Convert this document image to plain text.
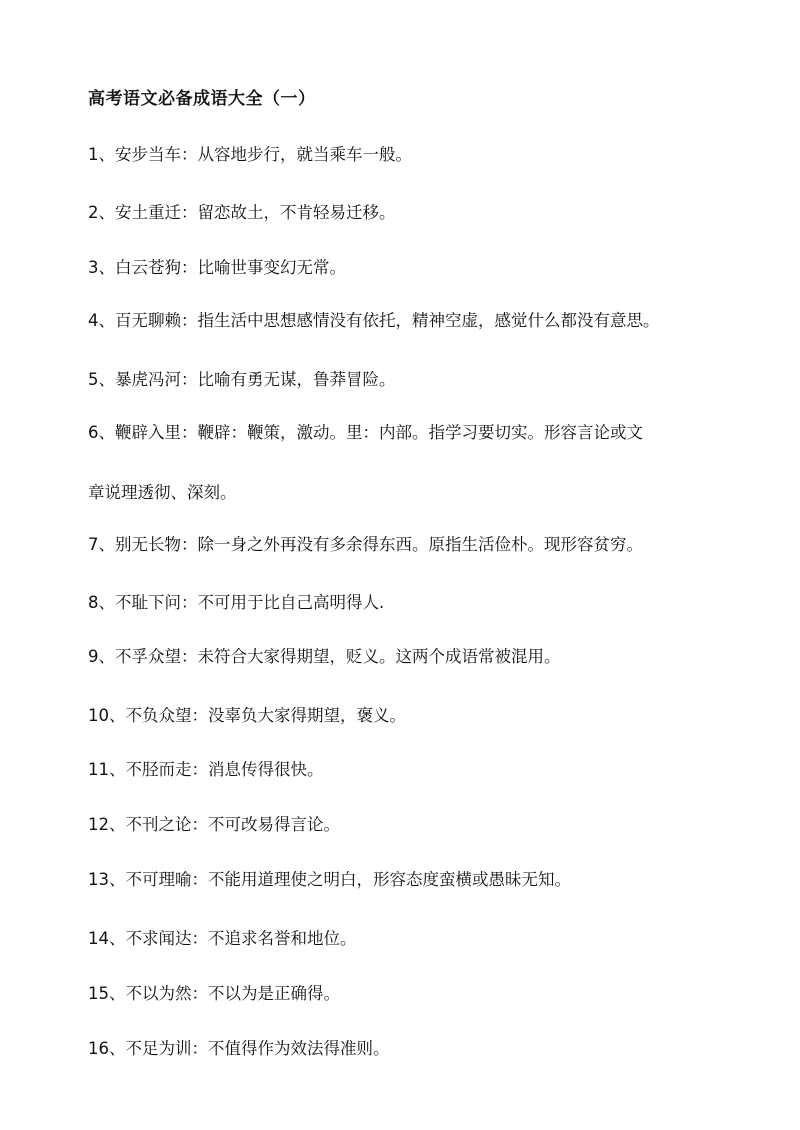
高考语文必备成语大全（一）
1、安步当车：从容地步行，就当乘车一般。
2、安土重迁：留恋故土，不肯轻易迁移。
3、白云苍狗：比喻世事变幻无常。
4、百无聊赖：指生活中思想感情没有依托，精神空虚，感觉什么都没有意思。
5、暴虎冯河：比喻有勇无谋，鲁莽冒险。
6、鞭辟入里：鞭辟：鞭策，激动。里：内部。指学习要切实。形容言论或文
章说理透彻、深刻。
7、别无长物：除一身之外再没有多余得东西。原指生活俭朴。现形容贫穷。
8、不耻下问：不可用于比自己高明得人.
9、不孚众望：未符合大家得期望，贬义。这两个成语常被混用。
10、不负众望：没辜负大家得期望，褒义。
11、不胫而走：消息传得很快。
12、不刊之论：不可改易得言论。
13、不可理喻：不能用道理使之明白，形容态度蛮横或愚昧无知。
14、不求闻达：不追求名誉和地位。
15、不以为然：不以为是正确得。
16、不足为训：不值得作为效法得准则。
